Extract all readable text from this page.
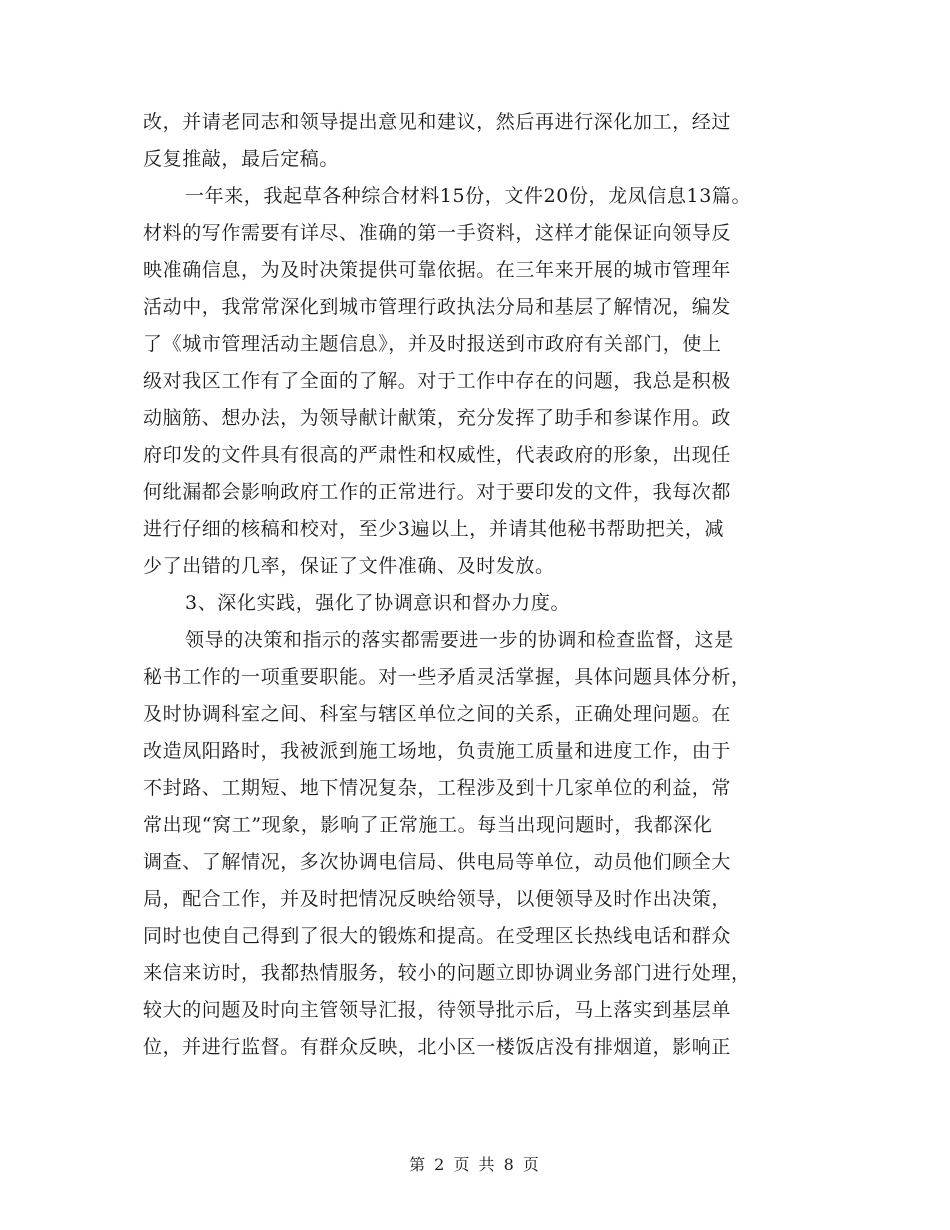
改，并请老同志和领导提出意见和建议，然后再进行深化加工，经过
反复推敲，最后定稿。
一年来，我起草各种综合材料15份，文件20份，龙凤信息13篇。
材料的写作需要有详尽、准确的第一手资料，这样才能保证向领导反
映准确信息，为及时决策提供可靠依据。在三年来开展的城市管理年
活动中，我常常深化到城市管理行政执法分局和基层了解情况，编发
了《城市管理活动主题信息》，并及时报送到市政府有关部门，使上
级对我区工作有了全面的了解。对于工作中存在的问题，我总是积极
动脑筋、想办法，为领导献计献策，充分发挥了助手和参谋作用。政
府印发的文件具有很高的严肃性和权威性，代表政府的形象，出现任
何纰漏都会影响政府工作的正常进行。对于要印发的文件，我每次都
进行仔细的核稿和校对，至少3遍以上，并请其他秘书帮助把关，减
少了出错的几率，保证了文件准确、及时发放。
3、深化实践，强化了协调意识和督办力度。
领导的决策和指示的落实都需要进一步的协调和检查监督，这是
秘书工作的一项重要职能。对一些矛盾灵活掌握，具体问题具体分析，
及时协调科室之间、科室与辖区单位之间的关系，正确处理问题。在
改造凤阳路时，我被派到施工场地，负责施工质量和进度工作，由于
不封路、工期短、地下情况复杂，工程涉及到十几家单位的利益，常
常出现“窝工”现象，影响了正常施工。每当出现问题时，我都深化
调查、了解情况，多次协调电信局、供电局等单位，动员他们顾全大
局，配合工作，并及时把情况反映给领导，以便领导及时作出决策，
同时也使自己得到了很大的锻炼和提高。在受理区长热线电话和群众
来信来访时，我都热情服务，较小的问题立即协调业务部门进行处理，
较大的问题及时向主管领导汇报，待领导批示后，马上落实到基层单
位，并进行监督。有群众反映，北小区一楼饭店没有排烟道，影响正
第 2 页 共 8 页
